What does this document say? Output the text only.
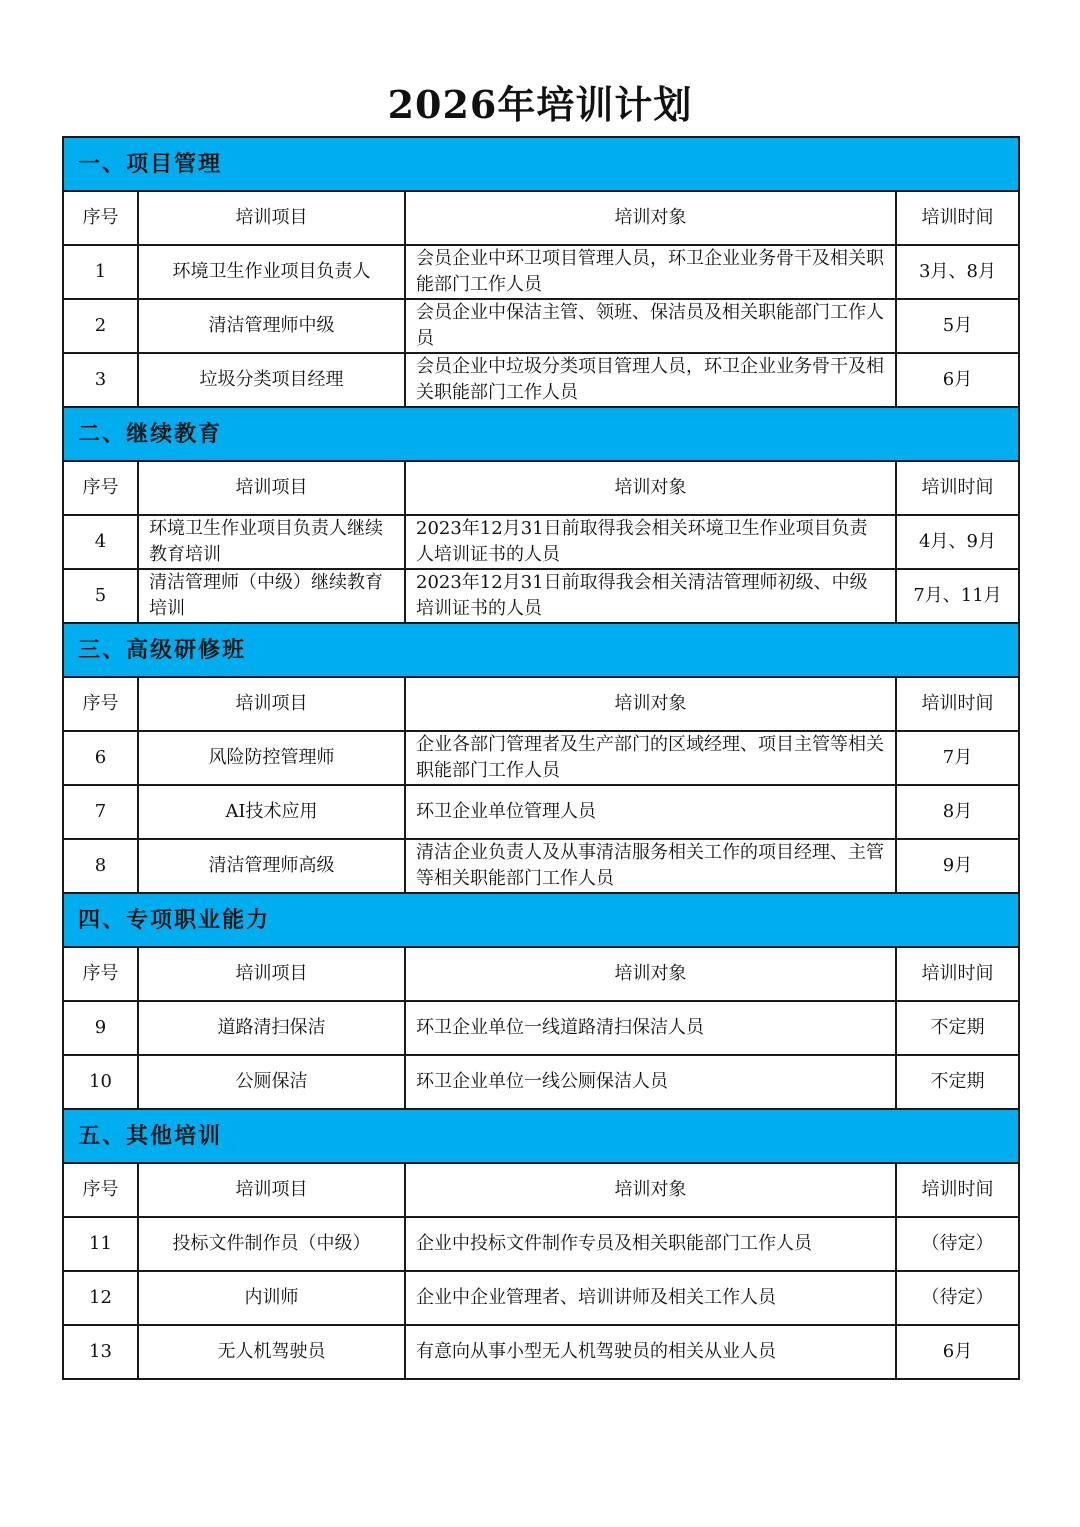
2026年培训计划
一、项目管理			
序号	培训项目	培训对象	培训时间
1	环境卫生作业项目负责人	会员企业中环卫项目管理人员，环卫企业业务骨干及相关职能部门工作人员	3月、8月
2	清洁管理师中级	会员企业中保洁主管、领班、保洁员及相关职能部门工作人员	5月
3	垃圾分类项目经理	会员企业中垃圾分类项目管理人员，环卫企业业务骨干及相关职能部门工作人员	6月
二、继续教育			
序号	培训项目	培训对象	培训时间
4	环境卫生作业项目负责人继续教育培训	2023年12月31日前取得我会相关环境卫生作业项目负责人培训证书的人员	4月、9月
5	清洁管理师（中级）继续教育培训	2023年12月31日前取得我会相关清洁管理师初级、中级培训证书的人员	7月、11月
三、高级研修班			
序号	培训项目	培训对象	培训时间
6	风险防控管理师	企业各部门管理者及生产部门的区域经理、项目主管等相关职能部门工作人员	7月
7	AI技术应用	环卫企业单位管理人员	8月
8	清洁管理师高级	清洁企业负责人及从事清洁服务相关工作的项目经理、主管等相关职能部门工作人员	9月
四、专项职业能力			
序号	培训项目	培训对象	培训时间
9	道路清扫保洁	环卫企业单位一线道路清扫保洁人员	不定期
10	公厕保洁	环卫企业单位一线公厕保洁人员	不定期
五、其他培训			
序号	培训项目	培训对象	培训时间
11	投标文件制作员（中级）	企业中投标文件制作专员及相关职能部门工作人员	（待定）
12	内训师	企业中企业管理者、培训讲师及相关工作人员	（待定）
13	无人机驾驶员	有意向从事小型无人机驾驶员的相关从业人员	6月
